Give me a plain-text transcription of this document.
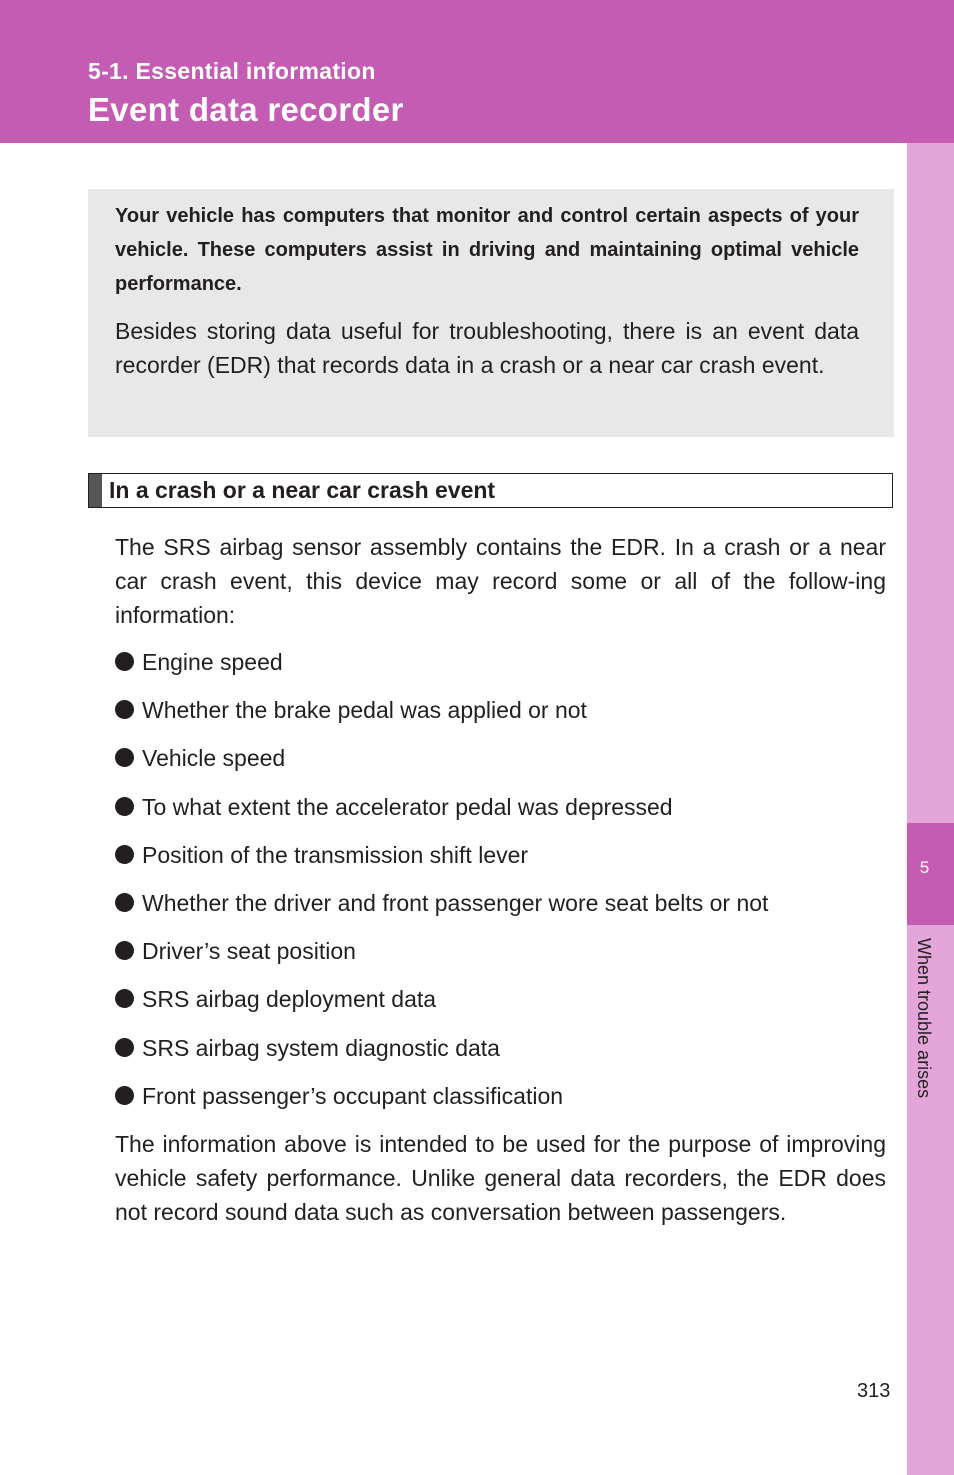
5-1. Essential information
Event data recorder
5
When trouble arises

Your vehicle has computers that monitor and control certain aspects of your vehicle. These computers assist in driving and maintaining optimal vehicle performance.

Besides storing data useful for troubleshooting, there is an event data recorder (EDR) that records data in a crash or a near car crash event.

In a crash or a near car crash event

The SRS airbag sensor assembly contains the EDR. In a crash or a near car crash event, this device may record some or all of the follow-ing information:

Engine speed
Whether the brake pedal was applied or not
Vehicle speed
To what extent the accelerator pedal was depressed
Position of the transmission shift lever
Whether the driver and front passenger wore seat belts or not
Driver’s seat position
SRS airbag deployment data
SRS airbag system diagnostic data
Front passenger’s occupant classification

The information above is intended to be used for the purpose of improving vehicle safety performance. Unlike general data recorders, the EDR does not record sound data such as conversation between passengers.

313
